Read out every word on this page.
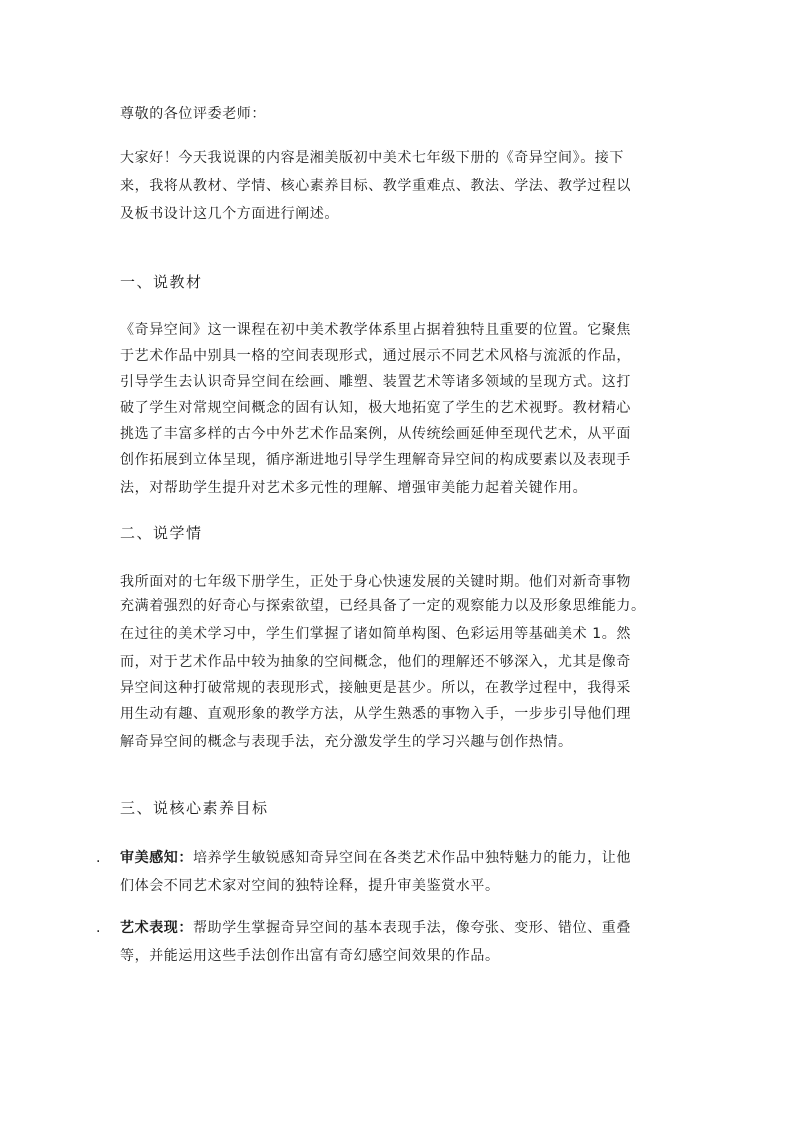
尊敬的各位评委老师：
大家好！今天我说课的内容是湘美版初中美术七年级下册的《奇异空间》。接下
来，我将从教材、学情、核心素养目标、教学重难点、教法、学法、教学过程以
及板书设计这几个方面进行阐述。
一、说教材
《奇异空间》这一课程在初中美术教学体系里占据着独特且重要的位置。它聚焦
于艺术作品中别具一格的空间表现形式，通过展示不同艺术风格与流派的作品，
引导学生去认识奇异空间在绘画、雕塑、装置艺术等诸多领域的呈现方式。这打
破了学生对常规空间概念的固有认知，极大地拓宽了学生的艺术视野。教材精心
挑选了丰富多样的古今中外艺术作品案例，从传统绘画延伸至现代艺术，从平面
创作拓展到立体呈现，循序渐进地引导学生理解奇异空间的构成要素以及表现手
法，对帮助学生提升对艺术多元性的理解、增强审美能力起着关键作用。
二、说学情
我所面对的七年级下册学生，正处于身心快速发展的关键时期。他们对新奇事物
充满着强烈的好奇心与探索欲望，已经具备了一定的观察能力以及形象思维能力。
在过往的美术学习中，学生们掌握了诸如简单构图、色彩运用等基础美术 1。然
而，对于艺术作品中较为抽象的空间概念，他们的理解还不够深入，尤其是像奇
异空间这种打破常规的表现形式，接触更是甚少。所以，在教学过程中，我得采
用生动有趣、直观形象的教学方法，从学生熟悉的事物入手，一步步引导他们理
解奇异空间的概念与表现手法，充分激发学生的学习兴趣与创作热情。
三、说核心素养目标
. 审美感知：培养学生敏锐感知奇异空间在各类艺术作品中独特魅力的能力，让他
们体会不同艺术家对空间的独特诠释，提升审美鉴赏水平。
. 艺术表现：帮助学生掌握奇异空间的基本表现手法，像夸张、变形、错位、重叠
等，并能运用这些手法创作出富有奇幻感空间效果的作品。
